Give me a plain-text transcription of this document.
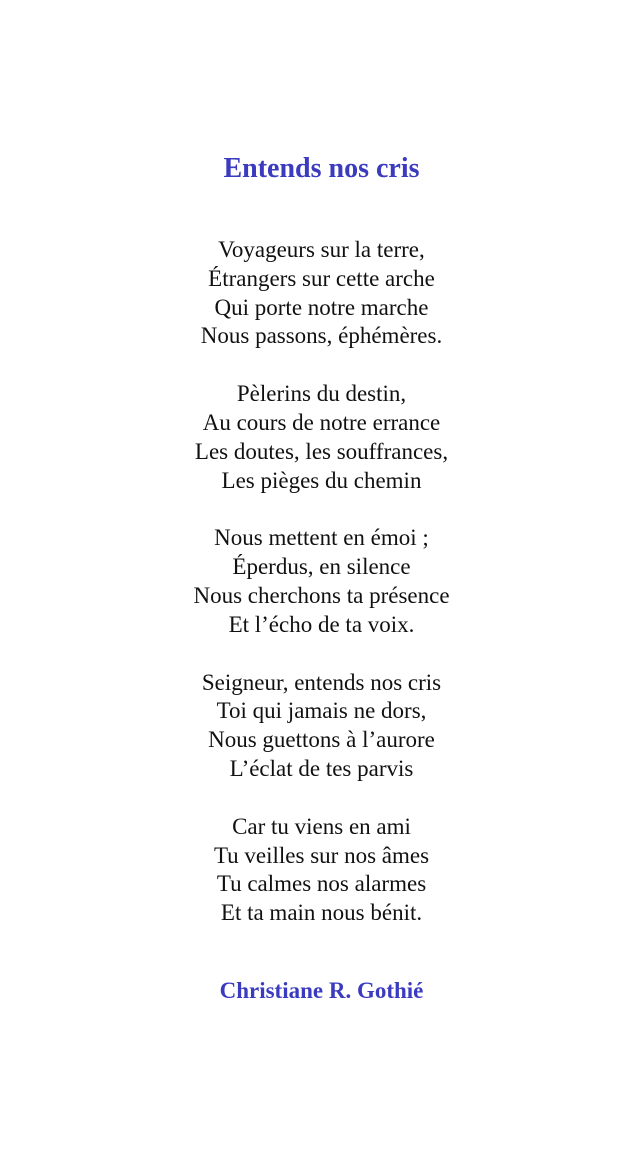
Entends nos cris
Voyageurs sur la terre,
Étrangers sur cette arche
Qui porte notre marche
Nous passons, éphémères.
Pèlerins du destin,
Au cours de notre errance
Les doutes, les souffrances,
Les pièges du chemin
Nous mettent en émoi ;
Éperdus, en silence
Nous cherchons ta présence
Et l’écho de ta voix.
Seigneur, entends nos cris
Toi qui jamais ne dors,
Nous guettons à l’aurore
L’éclat de tes parvis
Car tu viens en ami
Tu veilles sur nos âmes
Tu calmes nos alarmes
Et ta main nous bénit.

Christiane R. Gothié
